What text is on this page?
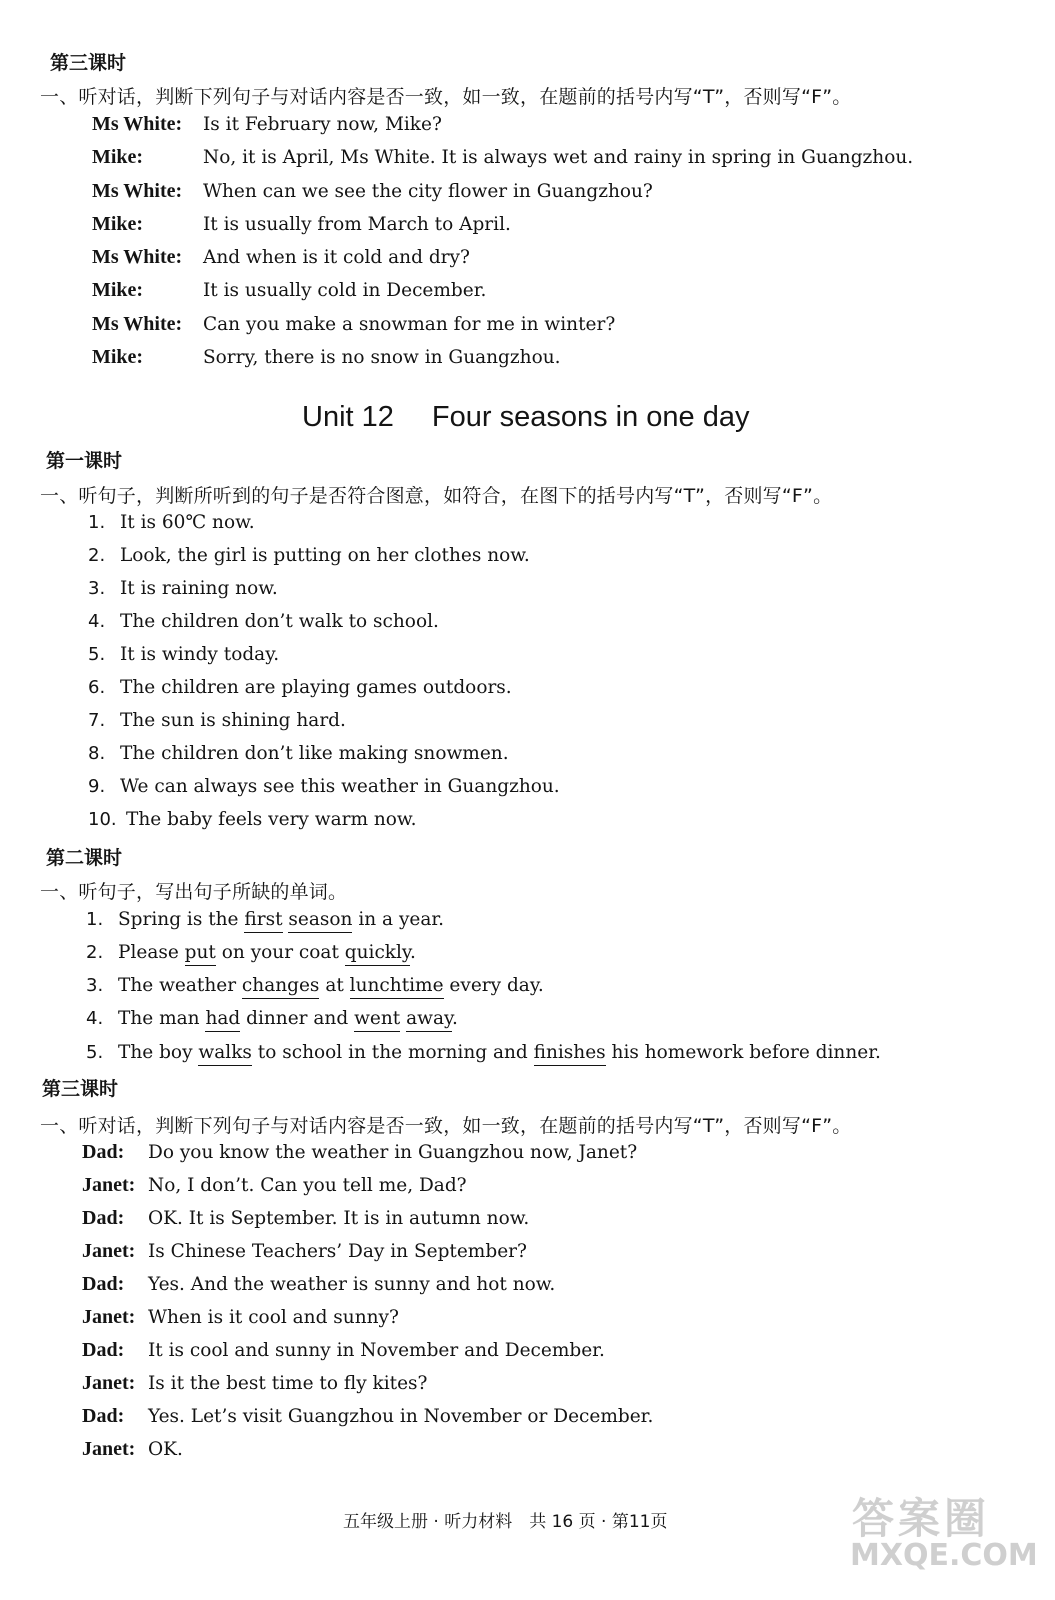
第三课时
一、听对话，判断下列句子与对话内容是否一致，如一致，在题前的括号内写“T”，否则写“F”。
Ms White: Is it February now, Mike?
Mike:	No, it is April, Ms White. It is always wet and rainy in spring in Guangzhou.
Ms White: When can we see the city flower in Guangzhou?
Mike:	It is usually from March to April.
Ms White: And when is it cold and dry?
Mike:	It is usually cold in December.
Ms White: Can you make a snowman for me in winter?
Mike:	Sorry, there is no snow in Guangzhou.
Unit 12 Four seasons in one day
第一课时
一、听句子，判断所听到的句子是否符合图意，如符合，在图下的括号内写“T”，否则写“F”。
1. It is 60℃ now.
2. Look, the girl is putting on her clothes now.
3. It is raining now.
4. The children don’t walk to school.
5. It is windy today.
6. The children are playing games outdoors.
7. The sun is shining hard.
8. The children don’t like making snowmen.
9. We can always see this weather in Guangzhou.
10. The baby feels very warm now.
第二课时
一、听句子，写出句子所缺的单词。
1. Spring is the first season in a year.
2. Please put on your coat quickly.
3. The weather changes at lunchtime every day.
4. The man had dinner and went away.
5. The boy walks to school in the morning and finishes his homework before dinner.
第三课时
一、听对话，判断下列句子与对话内容是否一致，如一致，在题前的括号内写“T”，否则写“F”。
Dad: Do you know the weather in Guangzhou now, Janet?
Janet: No, I don’t. Can you tell me, Dad?
Dad: OK. It is September. It is in autumn now.
Janet: Is Chinese Teachers’ Day in September?
Dad: Yes. And the weather is sunny and hot now.
Janet: When is it cool and sunny?
Dad: It is cool and sunny in November and December.
Janet: Is it the best time to fly kites?
Dad: Yes. Let’s visit Guangzhou in November or December.
Janet: OK.
五年级上册 · 听力材料　共 16 页 · 第11页	答案圈
MXQE.COM
